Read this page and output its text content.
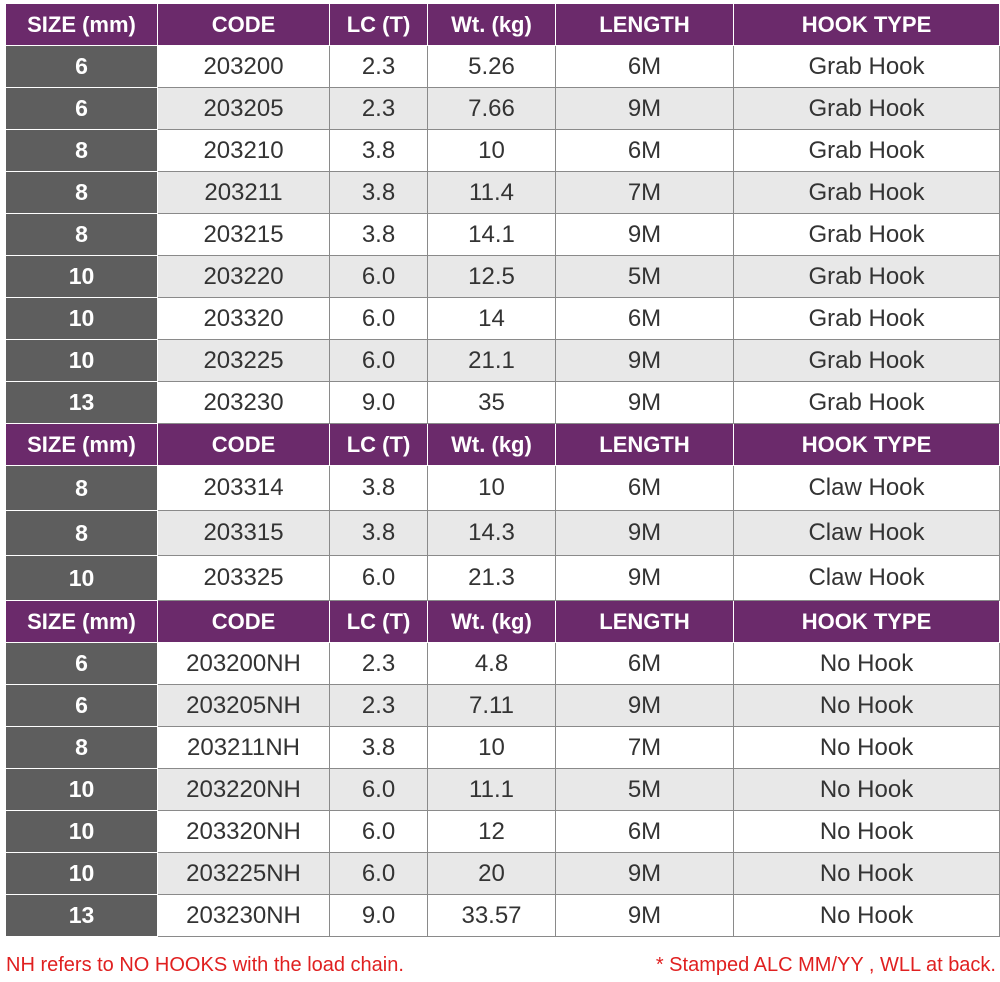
SIZE (mm)	CODE	LC (T)	Wt. (kg)	LENGTH	HOOK TYPE
6	203200	2.3	5.26	6M	Grab Hook
6	203205	2.3	7.66	9M	Grab Hook
8	203210	3.8	10	6M	Grab Hook
8	203211	3.8	11.4	7M	Grab Hook
8	203215	3.8	14.1	9M	Grab Hook
10	203220	6.0	12.5	5M	Grab Hook
10	203320	6.0	14	6M	Grab Hook
10	203225	6.0	21.1	9M	Grab Hook
13	203230	9.0	35	9M	Grab Hook
SIZE (mm)	CODE	LC (T)	Wt. (kg)	LENGTH	HOOK TYPE
8	203314	3.8	10	6M	Claw Hook
8	203315	3.8	14.3	9M	Claw Hook
10	203325	6.0	21.3	9M	Claw Hook
SIZE (mm)	CODE	LC (T)	Wt. (kg)	LENGTH	HOOK TYPE
6	203200NH	2.3	4.8	6M	No Hook
6	203205NH	2.3	7.11	9M	No Hook
8	203211NH	3.8	10	7M	No Hook
10	203220NH	6.0	11.1	5M	No Hook
10	203320NH	6.0	12	6M	No Hook
10	203225NH	6.0	20	9M	No Hook
13	203230NH	9.0	33.57	9M	No Hook
NH refers to NO HOOKS with the load chain.	* Stamped ALC MM/YY , WLL at back.
